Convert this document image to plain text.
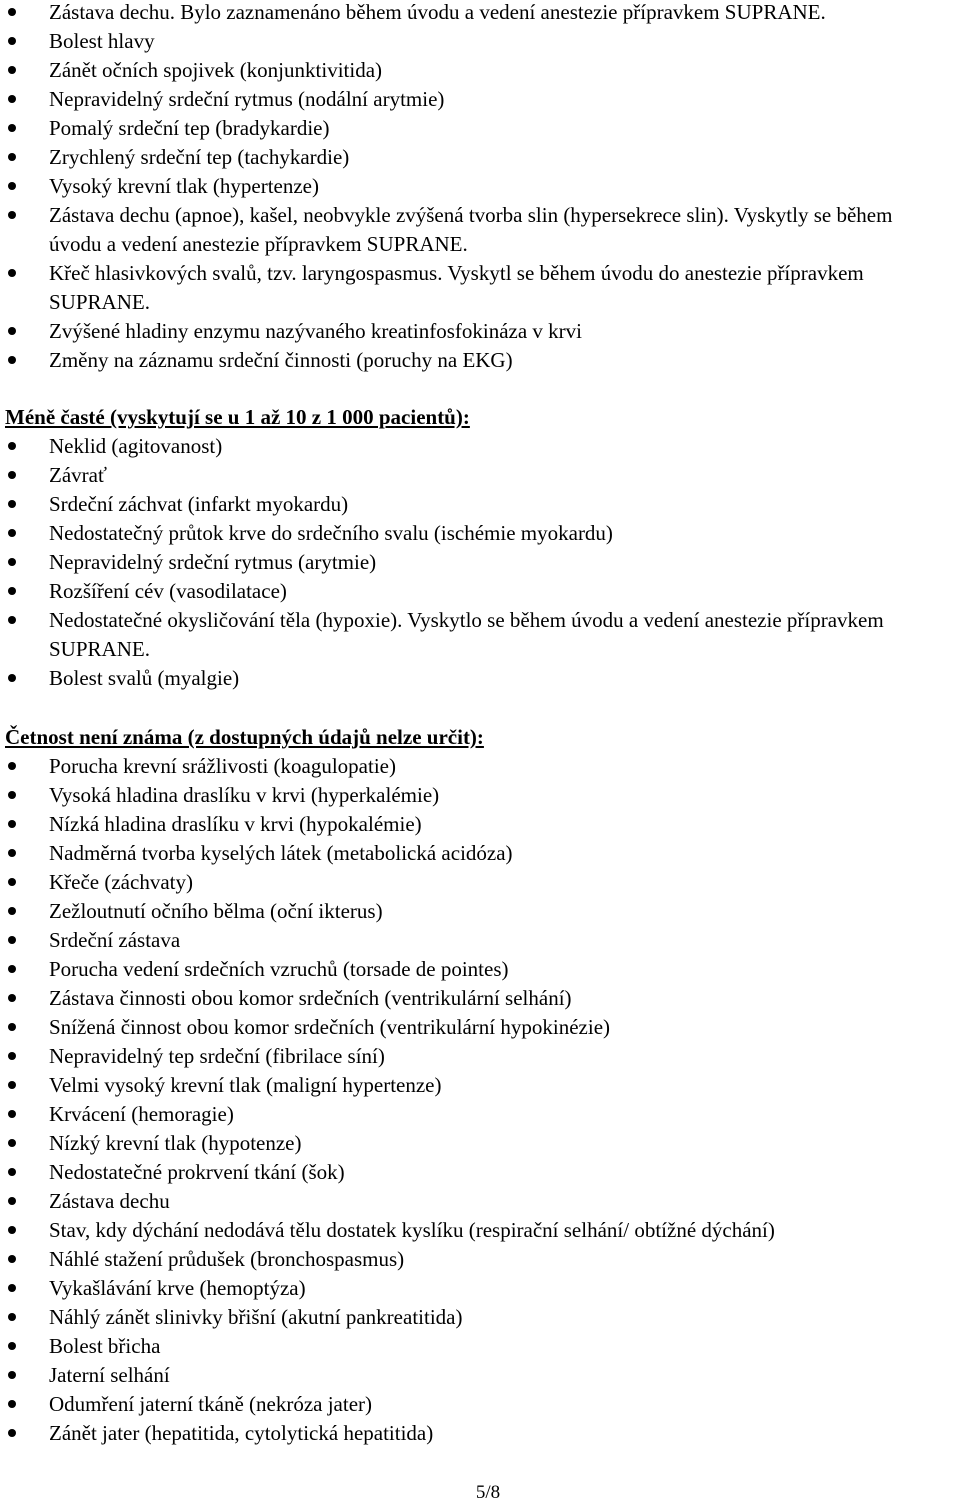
Zástava dechu. Bylo zaznamenáno během úvodu a vedení anestezie přípravkem SUPRANE.
Bolest hlavy
Zánět očních spojivek (konjunktivitida)
Nepravidelný srdeční rytmus (nodální arytmie)
Pomalý srdeční tep (bradykardie)
Zrychlený srdeční tep (tachykardie)
Vysoký krevní tlak (hypertenze)
Zástava dechu (apnoe), kašel, neobvykle zvýšená tvorba slin (hypersekrece slin). Vyskytly se během úvodu a vedení anestezie přípravkem SUPRANE.
Křeč hlasivkových svalů, tzv. laryngospasmus. Vyskytl se během úvodu do anestezie přípravkem SUPRANE.
Zvýšené hladiny enzymu nazývaného kreatinfosfokináza v krvi
Změny na záznamu srdeční činnosti (poruchy na EKG)
Méně časté (vyskytují se u 1 až 10 z 1 000 pacientů):
Neklid (agitovanost)
Závrať
Srdeční záchvat (infarkt myokardu)
Nedostatečný průtok krve do srdečního svalu (ischémie myokardu)
Nepravidelný srdeční rytmus (arytmie)
Rozšíření cév (vasodilatace)
Nedostatečné okysličování těla (hypoxie). Vyskytlo se během úvodu a vedení anestezie přípravkem SUPRANE.
Bolest svalů (myalgie)
Četnost není známa (z dostupných údajů nelze určit):
Porucha krevní srážlivosti (koagulopatie)
Vysoká hladina draslíku v krvi (hyperkalémie)
Nízká hladina draslíku v krvi (hypokalémie)
Nadměrná tvorba kyselých látek (metabolická acidóza)
Křeče (záchvaty)
Zežloutnutí očního bělma (oční ikterus)
Srdeční zástava
Porucha vedení srdečních vzruchů (torsade de pointes)
Zástava činnosti obou komor srdečních (ventrikulární selhání)
Snížená činnost obou komor srdečních (ventrikulární hypokinézie)
Nepravidelný tep srdeční (fibrilace síní)
Velmi vysoký krevní tlak (maligní hypertenze)
Krvácení (hemoragie)
Nízký krevní tlak (hypotenze)
Nedostatečné prokrvení tkání (šok)
Zástava dechu
Stav, kdy dýchání nedodává tělu dostatek kyslíku (respirační selhání/ obtížné dýchání)
Náhlé stažení průdušek (bronchospasmus)
Vykašlávání krve (hemoptýza)
Náhlý zánět slinivky břišní (akutní pankreatitida)
Bolest břicha
Jaterní selhání
Odumření jaterní tkáně (nekróza jater)
Zánět jater (hepatitida, cytolytická hepatitida)
5/8
